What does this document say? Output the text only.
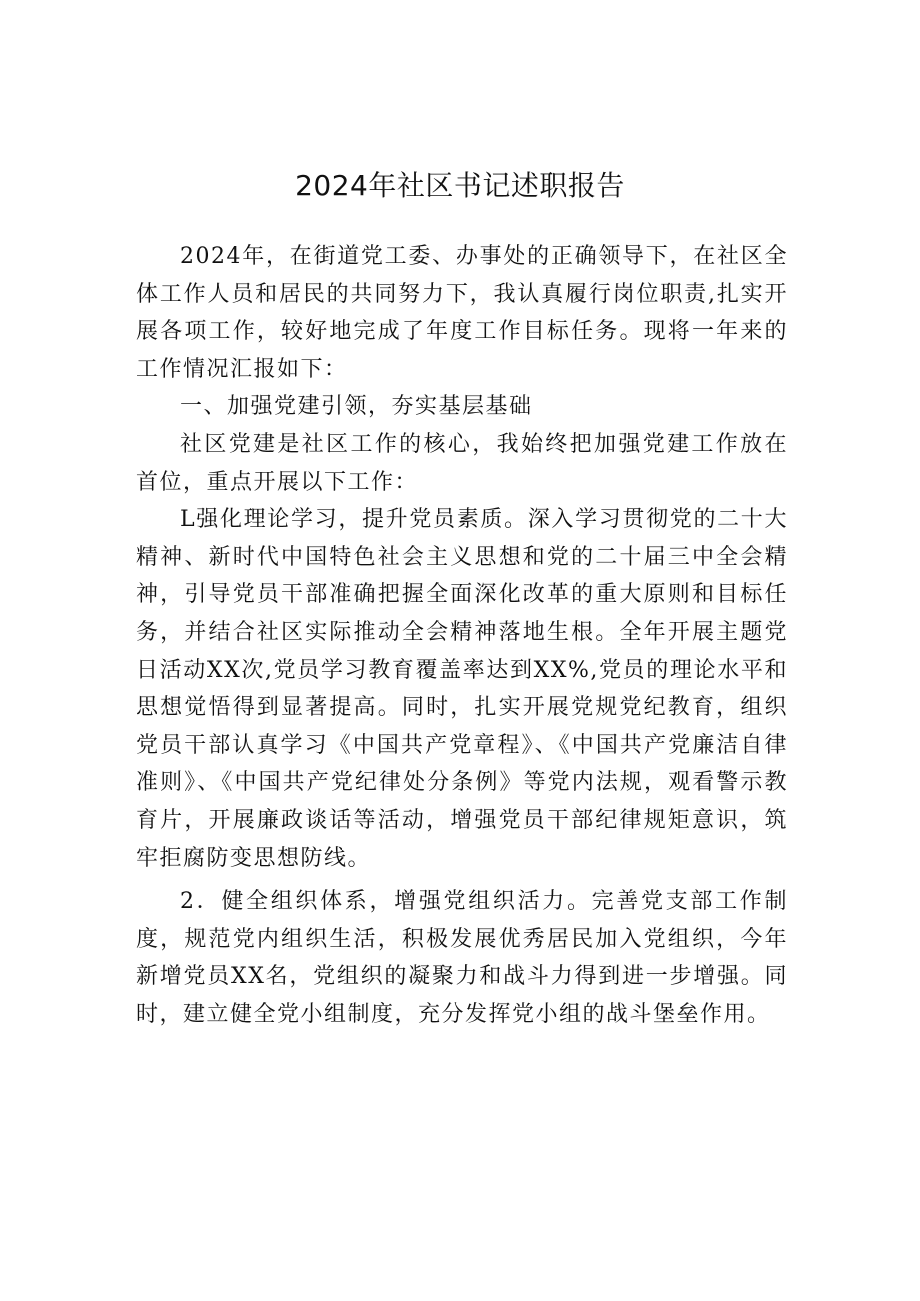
2024年社区书记述职报告

2024年，在街道党工委、办事处的正确领导下，在社区全体工作人员和居民的共同努力下，我认真履行岗位职责,扎实开展各项工作，较好地完成了年度工作目标任务。现将一年来的工作情况汇报如下：

一、加强党建引领，夯实基层基础

社区党建是社区工作的核心，我始终把加强党建工作放在首位，重点开展以下工作：

L强化理论学习，提升党员素质。深入学习贯彻党的二十大精神、新时代中国特色社会主义思想和党的二十届三中全会精神，引导党员干部准确把握全面深化改革的重大原则和目标任务，并结合社区实际推动全会精神落地生根。全年开展主题党日活动XX次,党员学习教育覆盖率达到XX%,党员的理论水平和思想觉悟得到显著提高。同时，扎实开展党规党纪教育，组织党员干部认真学习《中国共产党章程》、《中国共产党廉洁自律准则》、《中国共产党纪律处分条例》等党内法规，观看警示教育片，开展廉政谈话等活动，增强党员干部纪律规矩意识，筑牢拒腐防变思想防线。

2．健全组织体系，增强党组织活力。完善党支部工作制度，规范党内组织生活，积极发展优秀居民加入党组织，今年新增党员XX名，党组织的凝聚力和战斗力得到进一步增强。同时，建立健全党小组制度，充分发挥党小组的战斗堡垒作用。
